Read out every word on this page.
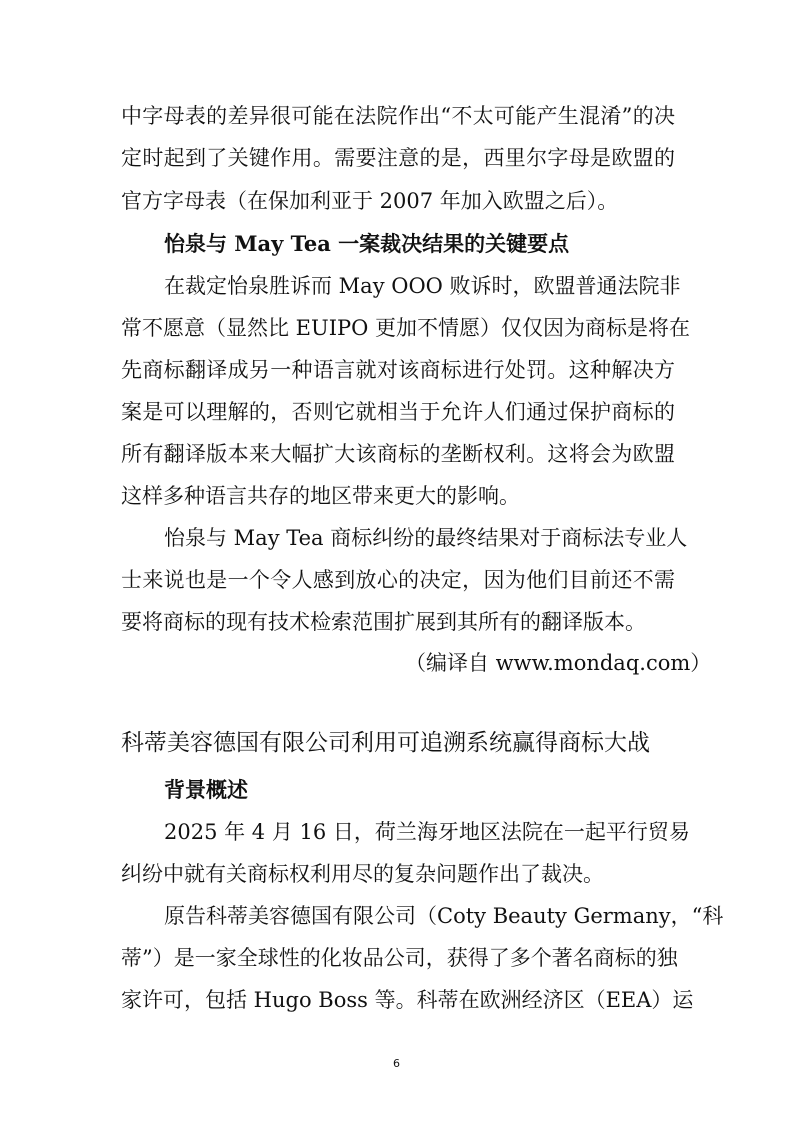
中字母表的差异很可能在法院作出“不太可能产生混淆”的决

定时起到了关键作用。需要注意的是，西里尔字母是欧盟的

官方字母表（在保加利亚于 2007 年加入欧盟之后）。

怡泉与 May Tea 一案裁决结果的关键要点

在裁定怡泉胜诉而 May OOO 败诉时，欧盟普通法院非

常不愿意（显然比 EUIPO 更加不情愿）仅仅因为商标是将在

先商标翻译成另一种语言就对该商标进行处罚。这种解决方

案是可以理解的，否则它就相当于允许人们通过保护商标的

所有翻译版本来大幅扩大该商标的垄断权利。这将会为欧盟

这样多种语言共存的地区带来更大的影响。

怡泉与 May Tea 商标纠纷的最终结果对于商标法专业人

士来说也是一个令人感到放心的决定，因为他们目前还不需

要将商标的现有技术检索范围扩展到其所有的翻译版本。

（编译自 www.mondaq.com）

科蒂美容德国有限公司利用可追溯系统赢得商标大战

背景概述

2025 年 4 月 16 日，荷兰海牙地区法院在一起平行贸易

纠纷中就有关商标权利用尽的复杂问题作出了裁决。

原告科蒂美容德国有限公司（Coty Beauty Germany，“科

蒂”）是一家全球性的化妆品公司，获得了多个著名商标的独

家许可，包括 Hugo Boss 等。科蒂在欧洲经济区（EEA）运

6
